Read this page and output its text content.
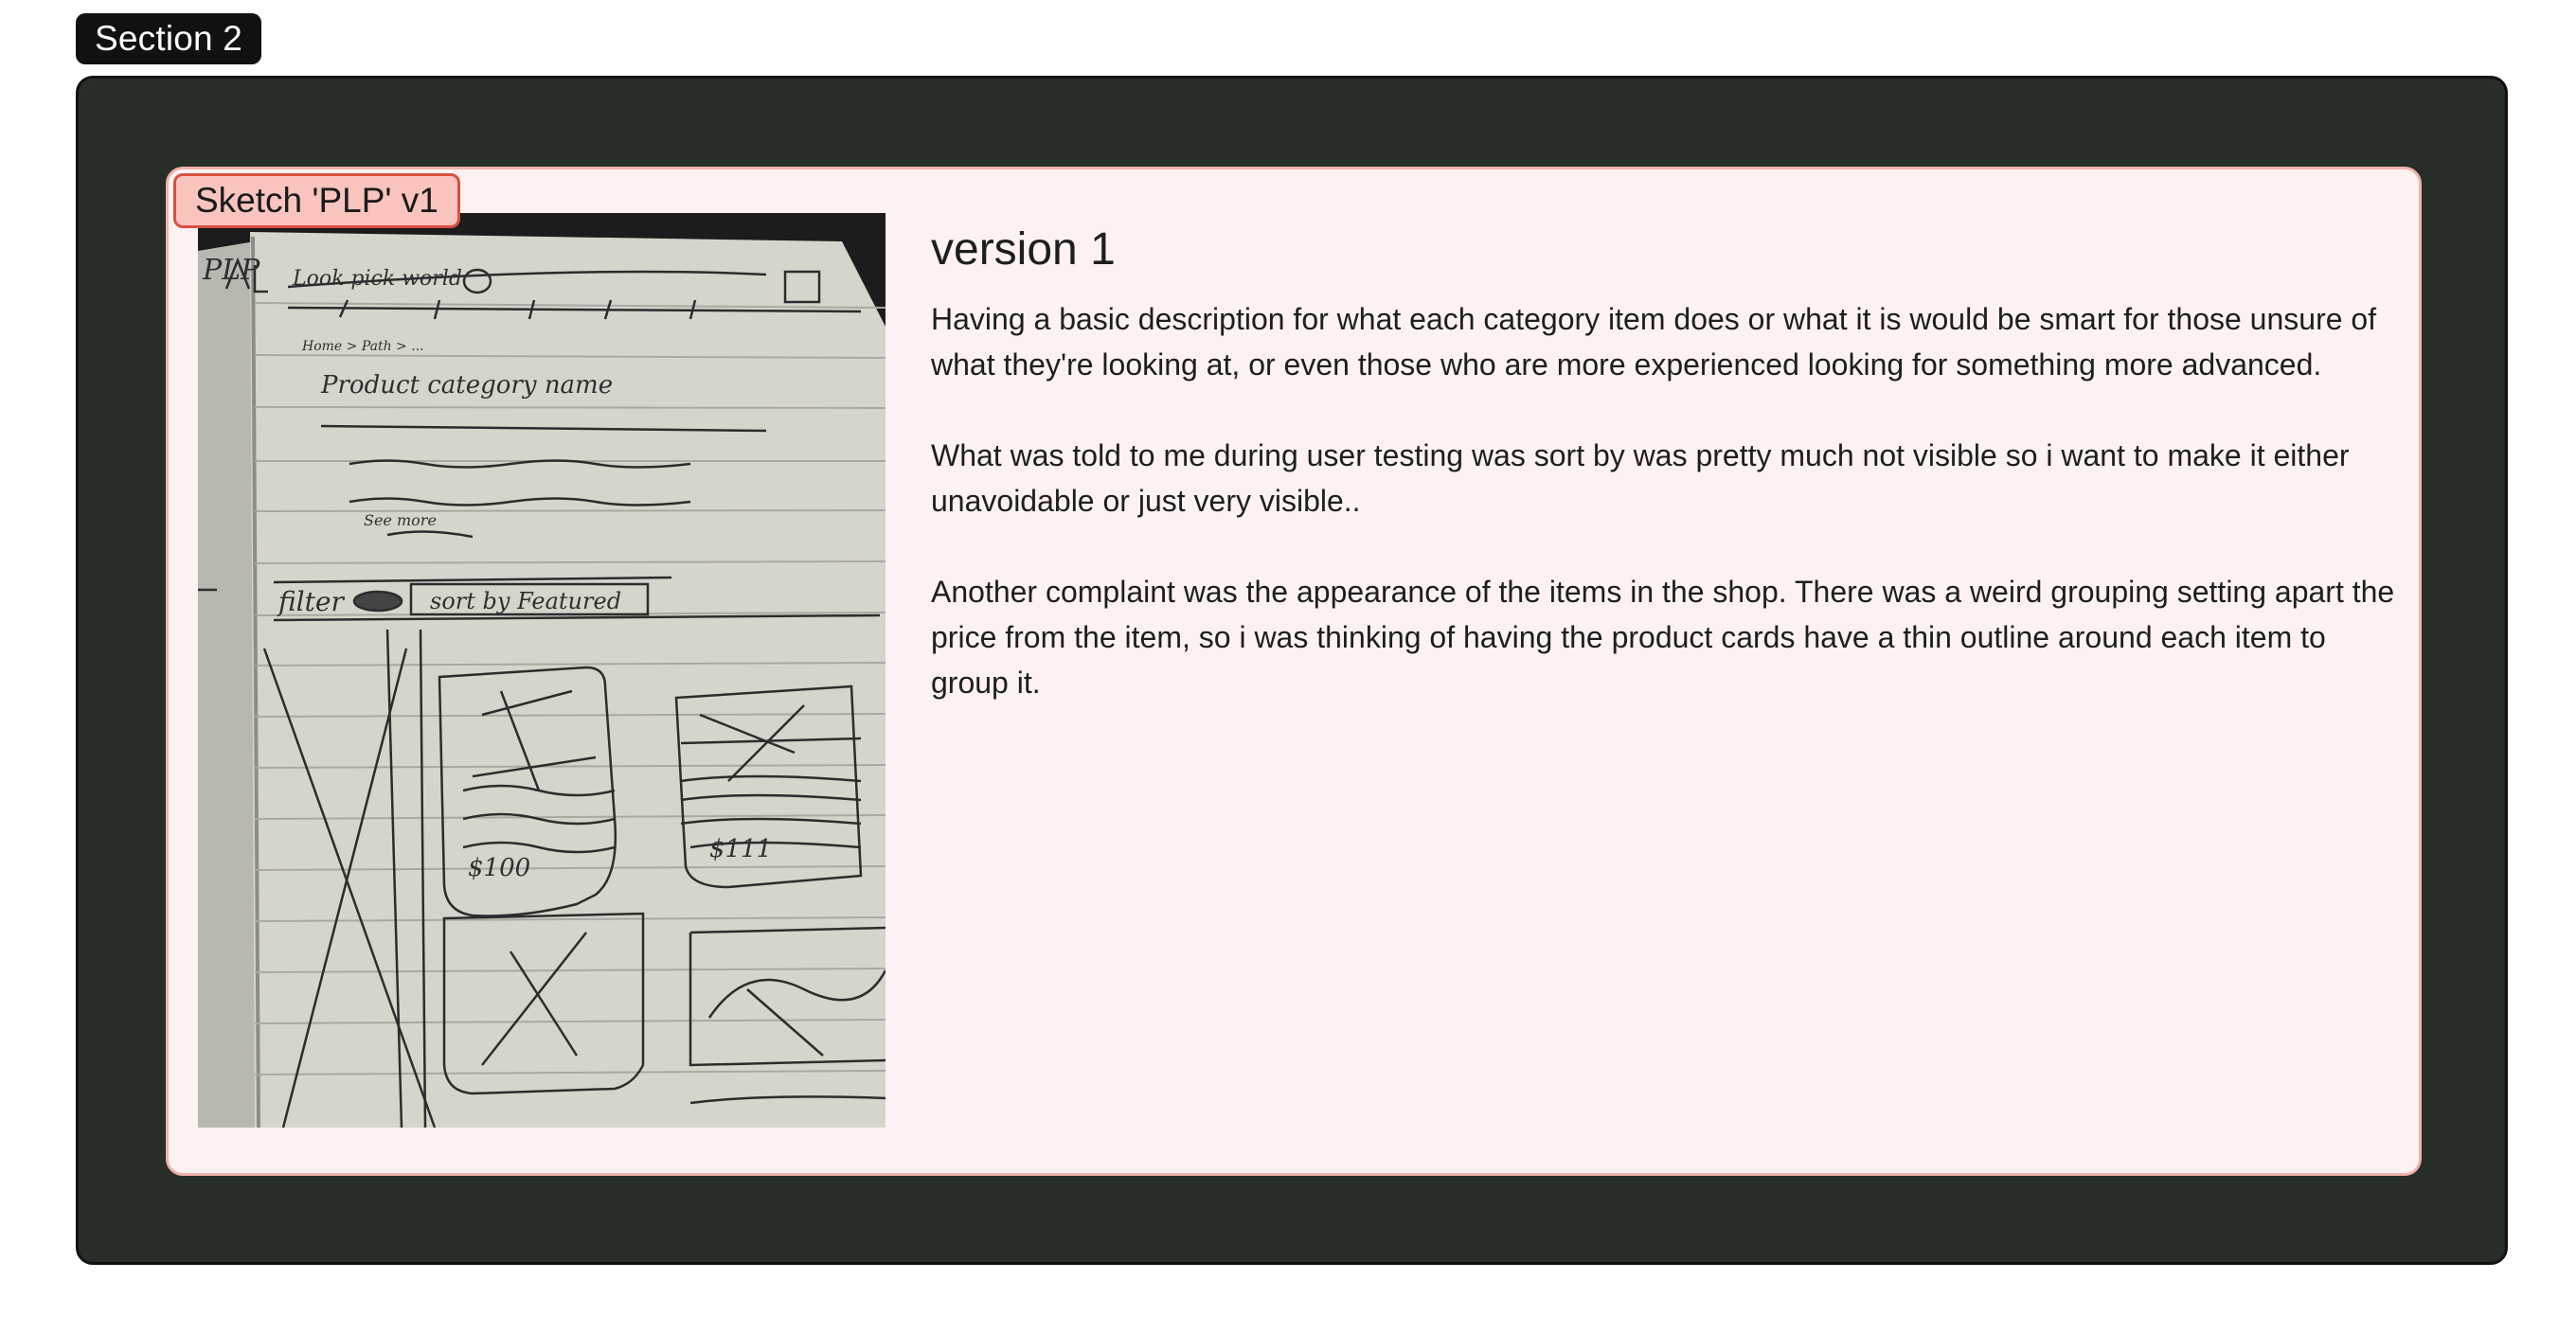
Section 2
Sketch 'PLP' v1
Look pick world
Home > Path > ...
Product category name
See more
filter	sort by Featured
$100
$111
PLP	version 1

Having a basic description for what each category item does or what it is would be smart for those unsure of what they're looking at, or even those who are more experienced looking for something more advanced.

What was told to me during user testing was sort by was pretty much not visible so i want to make it either unavoidable or just very visible..

Another complaint was the appearance of the items in the shop. There was a weird grouping setting apart the price from the item, so i was thinking of having the product cards have a thin outline around each item to group it.
